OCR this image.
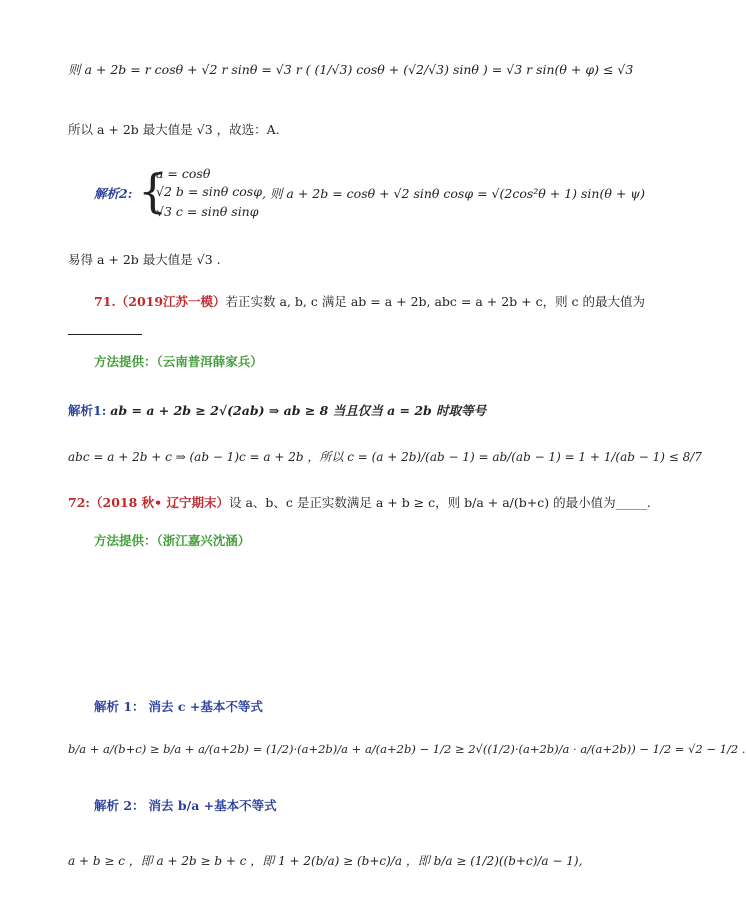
则 a + 2b = r cosθ + √2 r sinθ = √3 r ( (1/√3) cosθ + (√2/√3) sinθ ) = √3 r sin(θ + φ) ≤ √3
所以 a + 2b 最大值是 √3 ，故选：A.
解析2: {
a = cosθ
√2 b = sinθ cosφ
√3 c = sinθ sinφ
, 则 a + 2b = cosθ + √2 sinθ cosφ = √(2cos²θ + 1) sin(θ + ψ)
易得 a + 2b 最大值是 √3 .
71.（2019江苏一模）若正实数 a, b, c 满足 ab = a + 2b, abc = a + 2b + c，则 c 的最大值为
方法提供：（云南普洱薛家兵）
解析1: ab = a + 2b ≥ 2√(2ab) ⇒ ab ≥ 8 当且仅当 a = 2b 时取等号
abc = a + 2b + c ⇒ (ab − 1)c = a + 2b ，所以 c = (a + 2b)/(ab − 1) = ab/(ab − 1) = 1 + 1/(ab − 1) ≤ 8/7
72:（2018 秋• 辽宁期末）设 a、b、c 是正实数满足 a + b ≥ c，则 b/a + a/(b+c) 的最小值为_____.
方法提供：（浙江嘉兴沈涵）
解析 1： 消去 c +基本不等式
b/a + a/(b+c) ≥ b/a + a/(a+2b) = (1/2)·(a+2b)/a + a/(a+2b) − 1/2 ≥ 2√((1/2)·(a+2b)/a · a/(a+2b)) − 1/2 = √2 − 1/2 .
解析 2： 消去 b/a +基本不等式
a + b ≥ c ，即 a + 2b ≥ b + c ，即 1 + 2(b/a) ≥ (b+c)/a ，即 b/a ≥ (1/2)((b+c)/a − 1),
